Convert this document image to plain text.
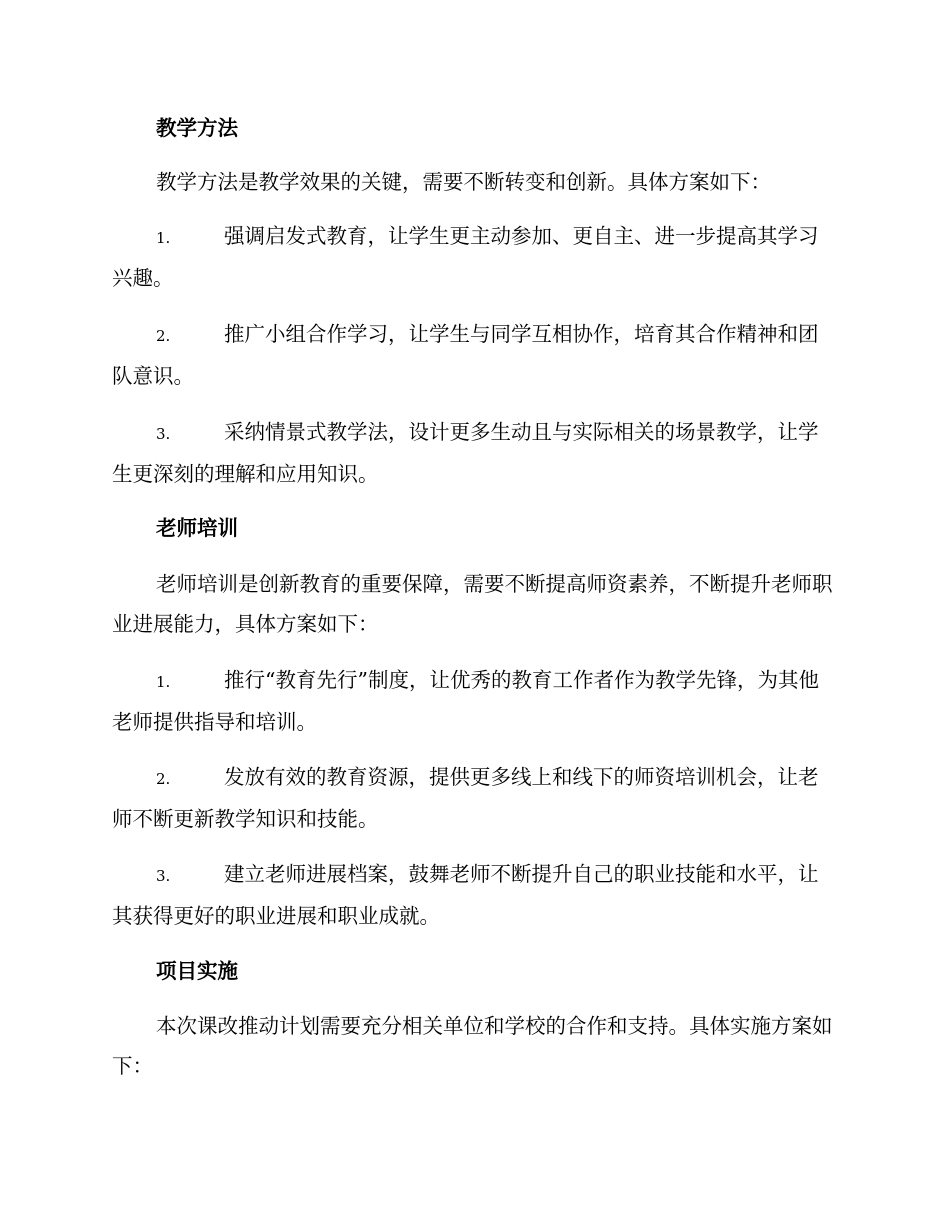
教学方法

教学方法是教学效果的关键，需要不断转变和创新。具体方案如下：

1.	强调启发式教育，让学生更主动参加、更自主、进一步提高其学习兴趣。

2.	推广小组合作学习，让学生与同学互相协作，培育其合作精神和团队意识。

3.	采纳情景式教学法，设计更多生动且与实际相关的场景教学，让学生更深刻的理解和应用知识。

老师培训

老师培训是创新教育的重要保障，需要不断提高师资素养，不断提升老师职业进展能力，具体方案如下：

1.	推行“教育先行”制度，让优秀的教育工作者作为教学先锋，为其他老师提供指导和培训。

2.	发放有效的教育资源，提供更多线上和线下的师资培训机会，让老师不断更新教学知识和技能。

3.	建立老师进展档案，鼓舞老师不断提升自己的职业技能和水平，让其获得更好的职业进展和职业成就。

项目实施

本次课改推动计划需要充分相关单位和学校的合作和支持。具体实施方案如下：
